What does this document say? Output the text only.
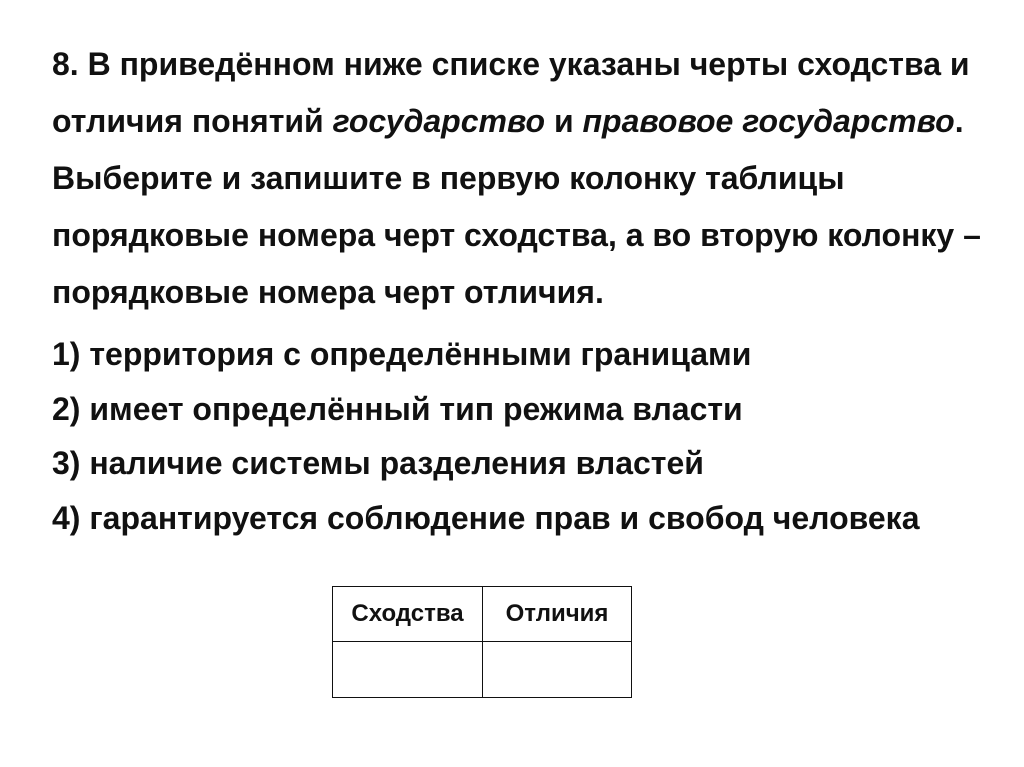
8. В приведённом ниже списке указаны черты сходства и отличия понятий государство и правовое государство. Выберите и запишите в первую колонку таблицы порядковые номера черт сходства, а во вторую колонку – порядковые номера черт отличия.

1) территория с определёнными границами
2) имеет определённый тип режима власти
3) наличие системы разделения властей
4) гарантируется соблюдение прав и свобод человека
Сходства	Отличия
